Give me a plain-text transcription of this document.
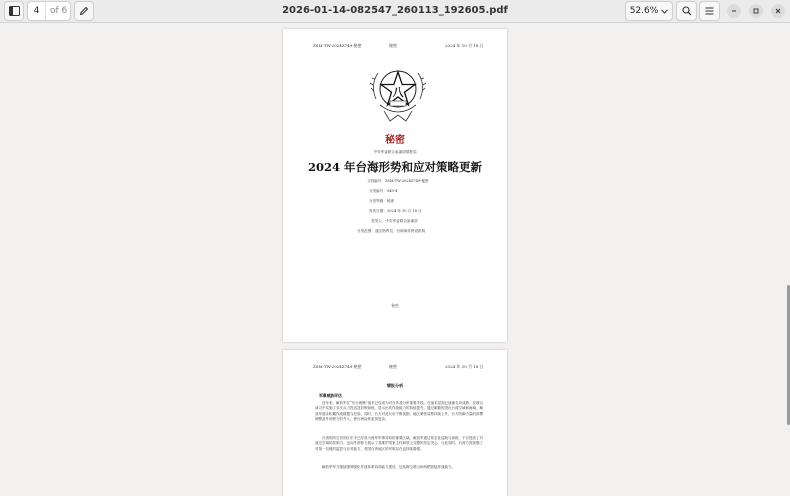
4	of 6	2026-01-14-082547_260113_192605.pdf	52.6%
ZSM-TW-2024Z749-秘密	秘密	2024 年 10 月 18 日
八
秘密
中央军委联合参谋部情报局
2024 年台海形势和应对策略更新
文档编号：ZSM-TW-2024Z749-秘密
分发编号：049-4
分发等级：秘密
发布日期：2024 年 10 月 18 日
签发人：中央军委联合参谋部
分发范围：战区指挥员、台海事务特设机构
秘密
ZSM-TW-2024Z749-秘密	秘密	2024 年 10 月 18 日
情报分析
军事威胁评估
近年来，解放军在“东台威慑”战术已经成为对台作战分析重要手段。在战术层面已逐渐走向成熟，在联合演习中实施了多次兵力投送及封锁演练，显示出其作战能力的持续提升。通过频繁的进出台湾空域和海域，解放军逐步积累作战数据与经验。同时，台方对此反应不断加剧，地区紧张局势持续上升，台方防御力量的部署调整及外部势力的介入，使台海局势更加复杂。
台湾的防空识别区东半已经成为两岸军事对峙的重要区域。解放军通过常态化巡航与演练，不仅提高了对周边空域的控制力，也向外部势力展示了其维护国家主权和领土完整的坚定决心。与此同时，台湾方面加强了对第一岛链的监控与应对能力，美国在该地区的军事存在也持续增强。
解放军军方继续强调强化作战体系协同能力建设，包括海空联合和两栖登陆作战能力。
